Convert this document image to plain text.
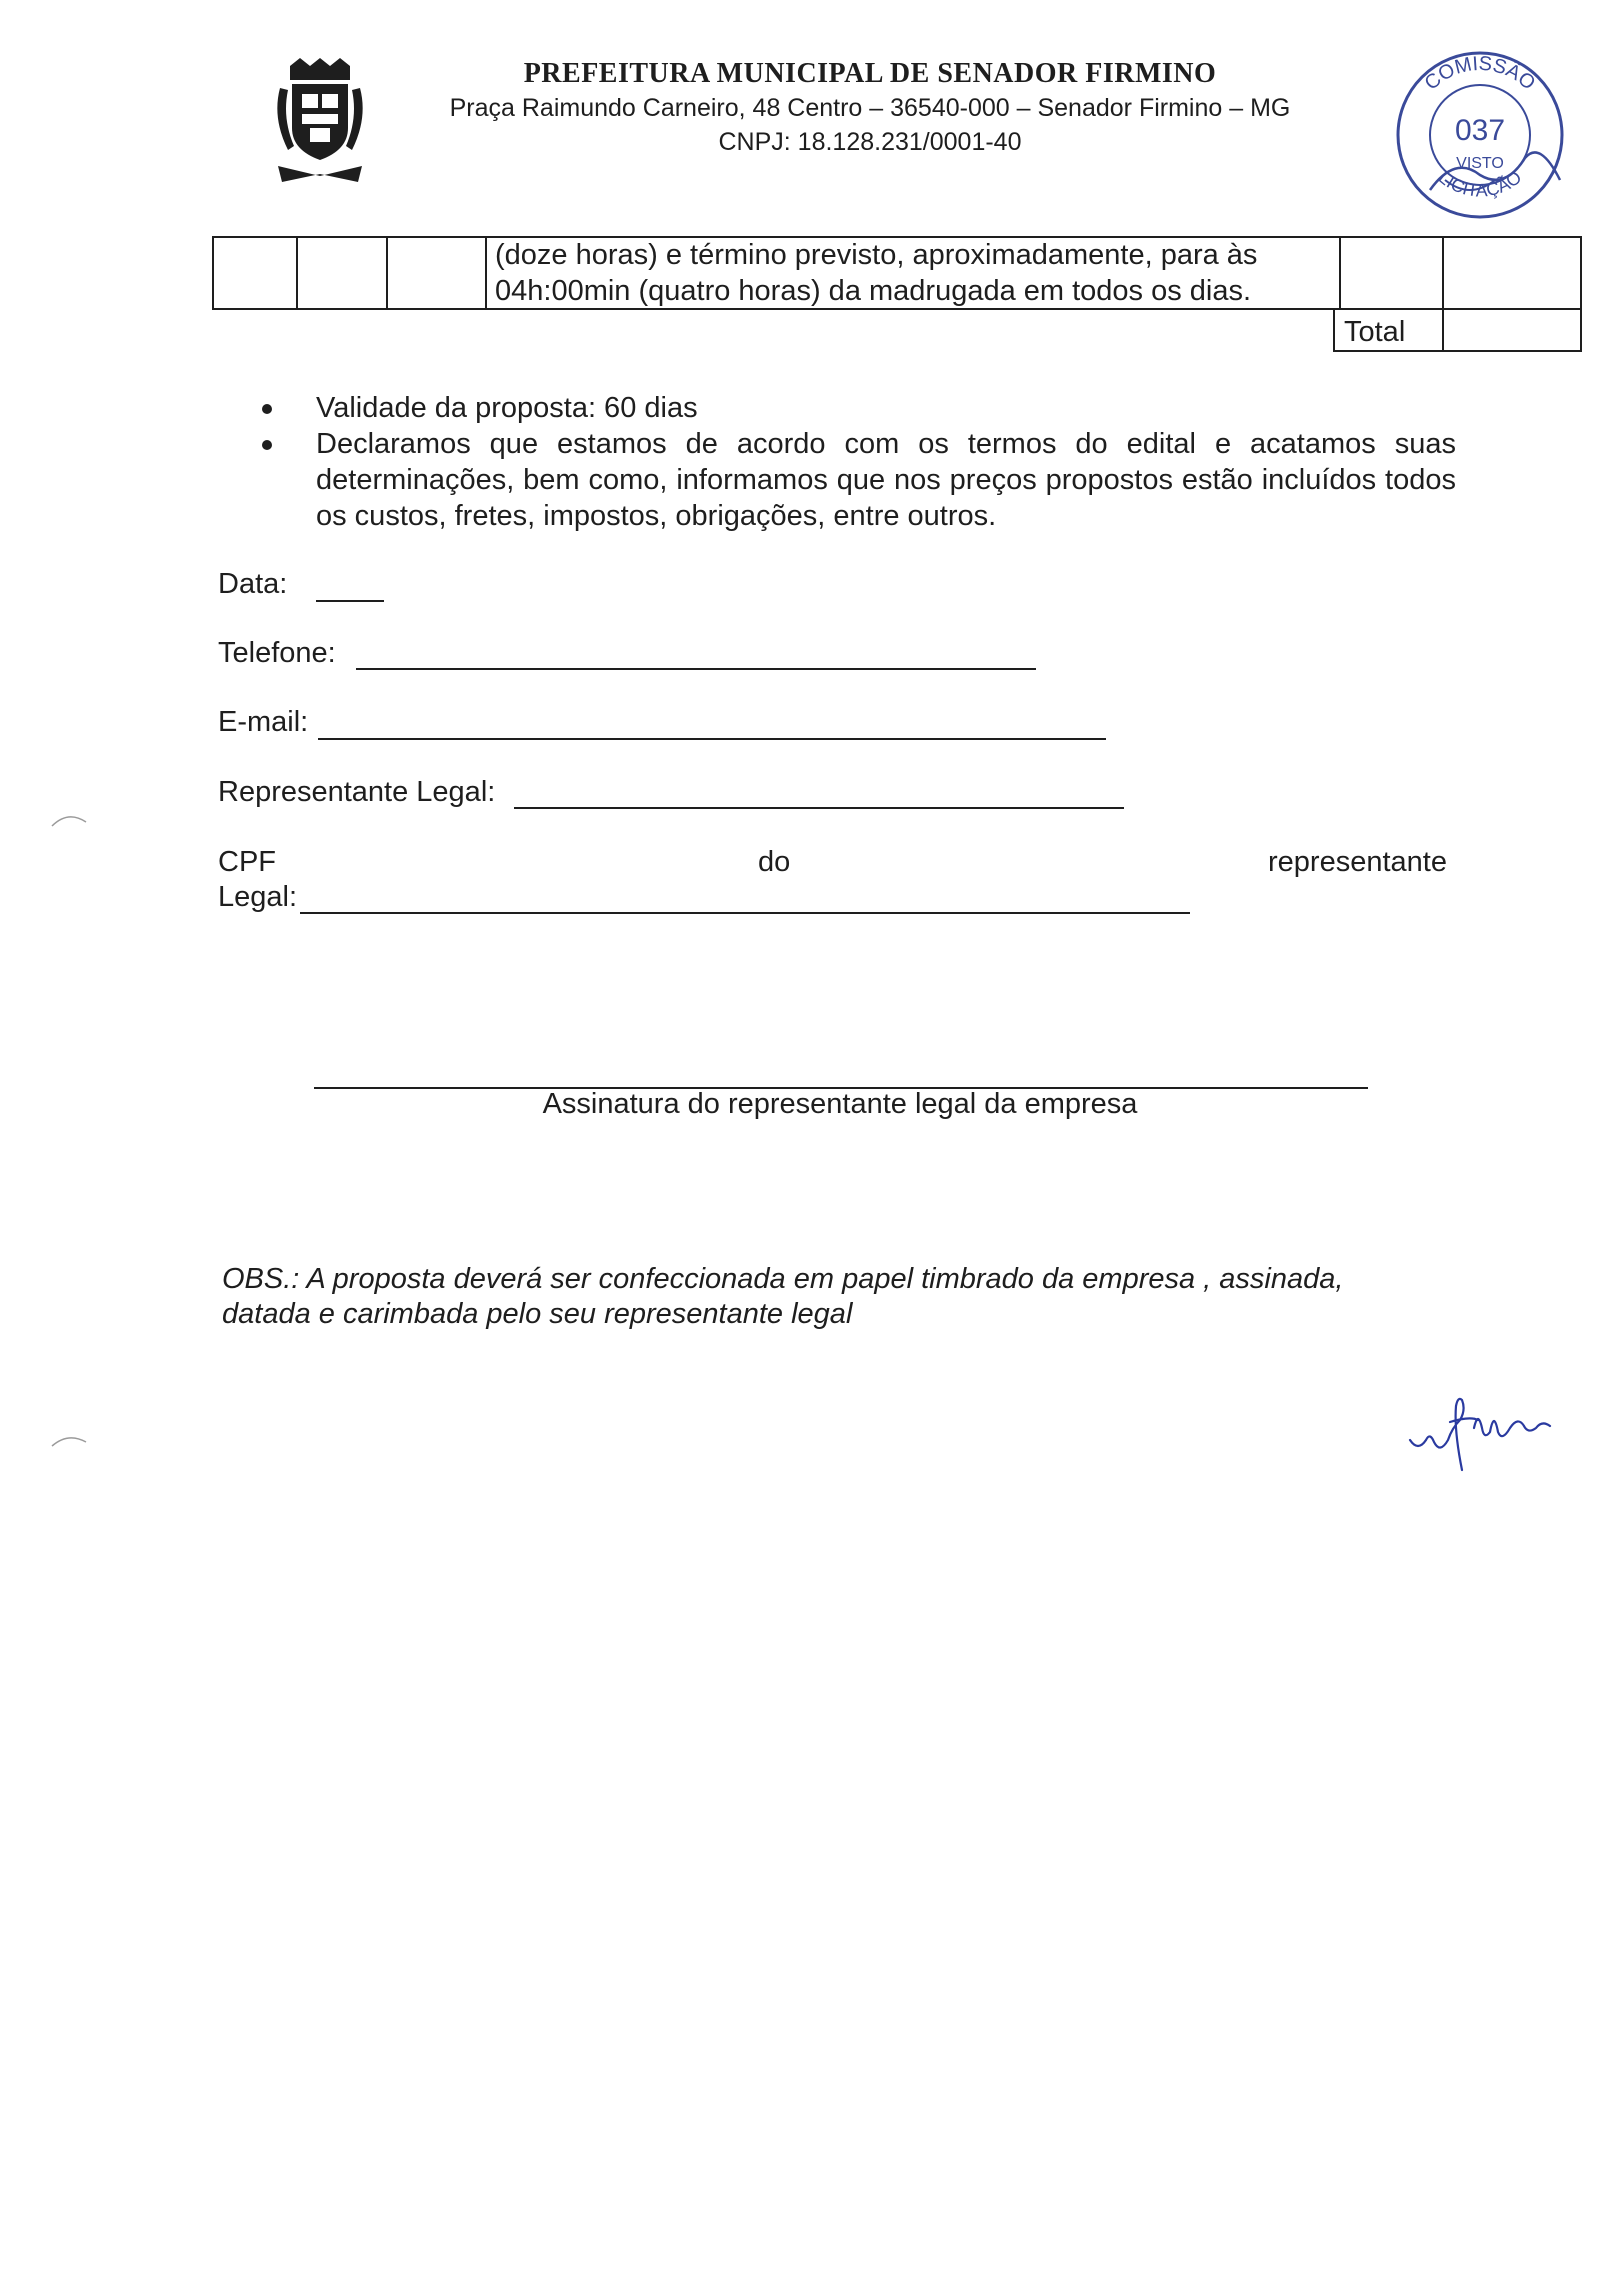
PREFEITURA MUNICIPAL DE SENADOR FIRMINO
Praça Raimundo Carneiro, 48 Centro – 36540-000 – Senador Firmino – MG
CNPJ: 18.128.231/0001-40
COMISSÃO
037
VISTO
LICITAÇÃO
(doze horas) e término previsto, aproximadamente, para às
04h:00min (quatro horas) da madrugada em todos os dias.
Total
Validade da proposta: 60 dias
Declaramos que estamos de acordo com os termos do edital e acatamos suas determinações, bem como, informamos que nos preços propostos estão incluídos todos os custos, fretes, impostos, obrigações, entre outros.
Data:
Telefone:
E-mail:
Representante Legal:
CPF	do	representante
Legal:
Assinatura do representante legal da empresa
OBS.: A proposta deverá ser confeccionada em papel timbrado da empresa , assinada, datada e carimbada pelo seu representante legal
